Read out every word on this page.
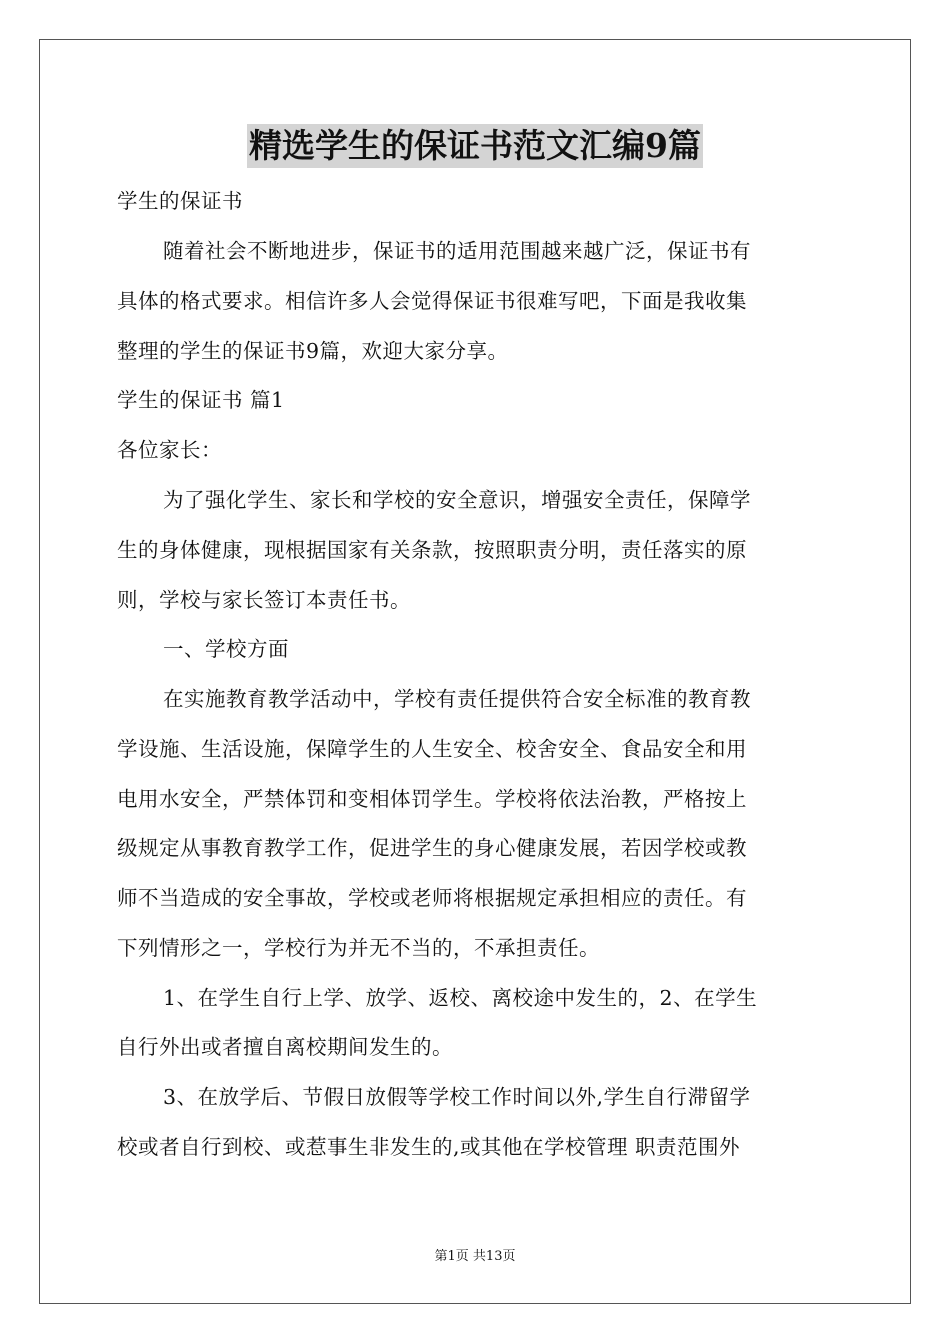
精选学生的保证书范文汇编9篇
学生的保证书
随着社会不断地进步，保证书的适用范围越来越广泛，保证书有
具体的格式要求。相信许多人会觉得保证书很难写吧，下面是我收集
整理的学生的保证书9篇，欢迎大家分享。
学生的保证书 篇1
各位家长：
为了强化学生、家长和学校的安全意识，增强安全责任，保障学
生的身体健康，现根据国家有关条款，按照职责分明，责任落实的原
则，学校与家长签订本责任书。
一、学校方面
在实施教育教学活动中，学校有责任提供符合安全标准的教育教
学设施、生活设施，保障学生的人生安全、校舍安全、食品安全和用
电用水安全，严禁体罚和变相体罚学生。学校将依法治教，严格按上
级规定从事教育教学工作，促进学生的身心健康发展，若因学校或教
师不当造成的安全事故，学校或老师将根据规定承担相应的责任。有
下列情形之一，学校行为并无不当的，不承担责任。
1、在学生自行上学、放学、返校、离校途中发生的，2、在学生
自行外出或者擅自离校期间发生的。
3、在放学后、节假日放假等学校工作时间以外,学生自行滞留学
校或者自行到校、或惹事生非发生的,或其他在学校管理 职责范围外
第1页 共13页
